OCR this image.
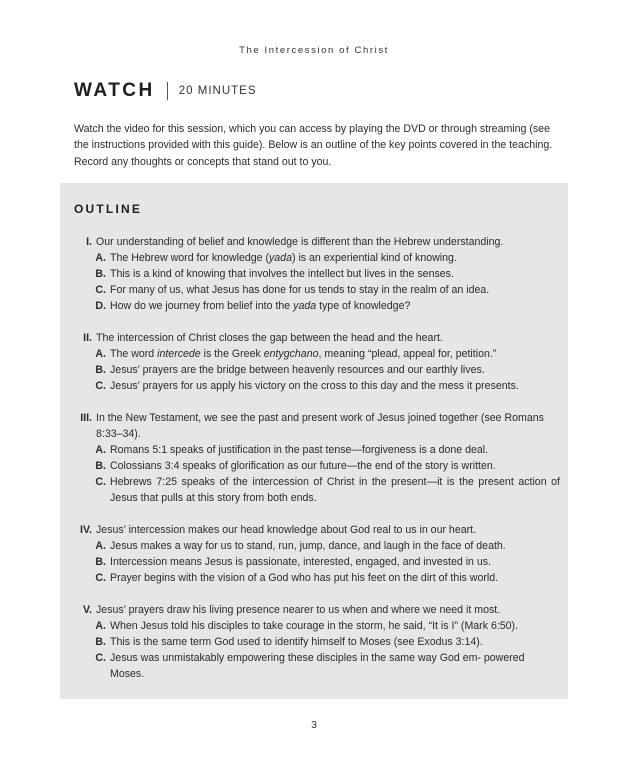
The Intercession of Christ
WATCH 20 MINUTES
Watch the video for this session, which you can access by playing the DVD or through streaming (see the instructions provided with this guide). Below is an outline of the key points covered in the teaching. Record any thoughts or concepts that stand out to you.
OUTLINE
I. Our understanding of belief and knowledge is different than the Hebrew understanding.
A. The Hebrew word for knowledge (yada) is an experiential kind of knowing.
B. This is a kind of knowing that involves the intellect but lives in the senses.
C. For many of us, what Jesus has done for us tends to stay in the realm of an idea.
D. How do we journey from belief into the yada type of knowledge?
II. The intercession of Christ closes the gap between the head and the heart.
A. The word intercede is the Greek entygchano, meaning “plead, appeal for, petition.”
B. Jesus’ prayers are the bridge between heavenly resources and our earthly lives.
C. Jesus’ prayers for us apply his victory on the cross to this day and the mess it presents.
III. In the New Testament, we see the past and present work of Jesus joined together (see Romans 8:33–34).
A. Romans 5:1 speaks of justification in the past tense—forgiveness is a done deal.
B. Colossians 3:4 speaks of glorification as our future—the end of the story is written.
C. Hebrews 7:25 speaks of the intercession of Christ in the present—it is the present action of Jesus that pulls at this story from both ends.
IV. Jesus’ intercession makes our head knowledge about God real to us in our heart.
A. Jesus makes a way for us to stand, run, jump, dance, and laugh in the face of death.
B. Intercession means Jesus is passionate, interested, engaged, and invested in us.
C. Prayer begins with the vision of a God who has put his feet on the dirt of this world.
V. Jesus’ prayers draw his living presence nearer to us when and where we need it most.
A. When Jesus told his disciples to take courage in the storm, he said, “It is I” (Mark 6:50).
B. This is the same term God used to identify himself to Moses (see Exodus 3:14).
C. Jesus was unmistakably empowering these disciples in the same way God em- powered Moses.
3
